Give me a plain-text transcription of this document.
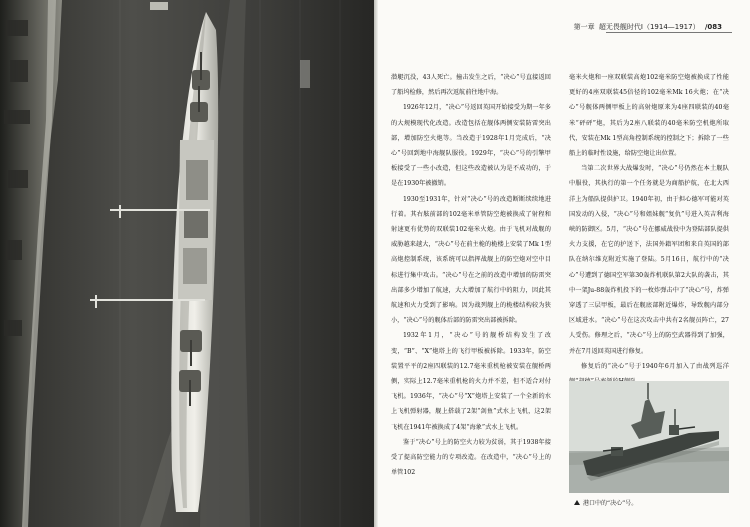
第一章 超无畏舰时代Ⅰ（1914—1917） /083

潜艇沉没，43人死亡。撞击发生之后，“决心”号直接返回了船坞检修，然后再次返航前往地中海。

1926年12月，“决心”号返回英国开始接受为期一年多的大规模现代化改造。改造包括在舰体两侧安装防雷突出部，增加防空火炮等。当改造于1928年1月完成后，“决心”号回到地中海舰队服役。1929年，“决心”号的引擎甲板接受了一些小改造，但这些改造被认为是不成功的，于是在1930年被撤销。

1930至1931年，针对“决心”号的改造断断续续地进行着。其右舷前部的102毫米单管防空炮被换成了射程和射速更有优势的双联装102毫米火炮。由于飞机对战舰的威胁越来越大，“决心”号在前主桅的桅楼上安装了Mk 1型高炮控制系统，该系统可以指挥战舰上的防空炮对空中目标进行集中攻击。“决心”号在之前的改造中增加的防雷突出部多少增加了航速，大大增加了航行中的阻力，因此其航速和火力受到了影响。因为战列舰上的桅楼结构较为狭小，“决心”号的舰体后部的防雷突出部被拆除。

1932年1月，“决心”号的舰桥结构发生了改变，“B”、“X”炮塔上的飞行甲板被拆除。1933年，防空装置平平的2座四联装的12.7毫米重机枪被安装在舰桥两侧，实际上12.7毫米重机枪的火力并不差，但不适合对付飞机。1936年，“决心”号“X”炮塔上安装了一个全新的水上飞机弹射器，舰上搭载了2架“剑鱼”式水上飞机，这2架飞机在1941年被换成了4架“海象”式水上飞机。

鉴于“决心”号上的防空火力较为贫弱，其于1938年接受了提高防空能力的专项改造。在改造中，“决心”号上的单管102

毫米火炮和一座双联装高炮102毫米防空炮被换成了性能更好的4座双联装45倍径的102毫米Mk 16火炮；在“决心”号舰体两侧甲板上的高射炮原来为4座四联装的40毫米“砰砰”炮，其后为2座八联装的40毫米防空机炮所取代，安装在Mk 1型高角控制系统的控制之下；拆除了一些船上的临时性设施，给防空炮让出位置。

当第二次世界大战爆发时，“决心”号仍然在本土舰队中服役，其执行的第一个任务就是为商船护航，在北大西洋上为船队提供护卫。1940年初，由于担心德军可能对英国发动的入侵，“决心”号和姐妹舰“复仇”号进入英吉利海峡的防御区。5月，“决心”号在挪威战役中为登陆部队提供火力支援，在它的护送下，法国外籍军团和来自英国的部队在纳尔维克附近实施了登陆。5月16日，航行中的“决心”号遭到了德国空军第30轰炸机联队第2大队的袭击，其中一架Ju-88轰炸机投下的一枚炸弹击中了“决心”号，炸弹穿透了三层甲板，最后在舰底部附近爆炸，导致舰内部分区域进水。“决心”号在这次攻击中共有2名舰员阵亡，27人受伤。修理之后，“决心”号上的防空武器得到了加强，并在7月返回英国进行修复。

修复后的“决心”号于1940年6月加入了由战列巡洋

港口中的“决心”号。
